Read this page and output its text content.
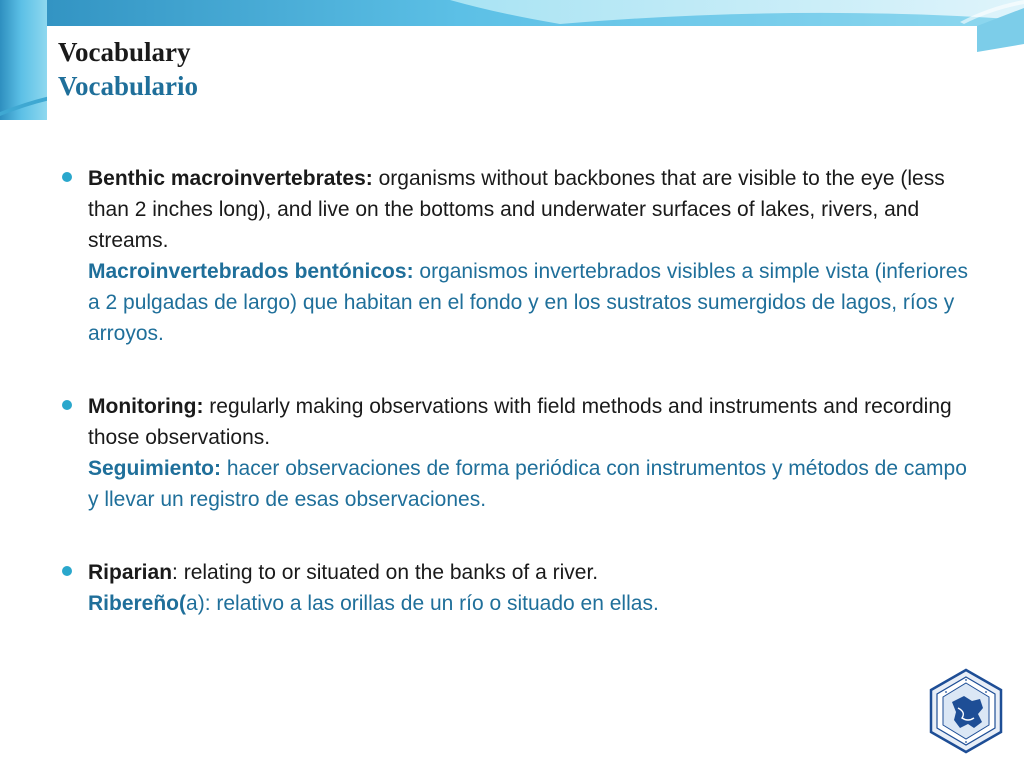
Vocabulary
Vocabulario
Benthic macroinvertebrates: organisms without backbones that are visible to the eye (less than 2 inches long), and live on the bottoms and underwater surfaces of lakes, rivers, and streams.
Macroinvertebrados bentónicos: organismos invertebrados visibles a simple vista (inferiores a 2 pulgadas de largo) que habitan en el fondo y en los sustratos sumergidos de lagos, ríos y arroyos.
Monitoring: regularly making observations with field methods and instruments and recording those observations.
Seguimiento: hacer observaciones de forma periódica con instrumentos y métodos de campo y llevar un registro de esas observaciones.
Riparian: relating to or situated on the banks of a river.
Ribereño(a): relativo a las orillas de un río o situado en ellas.
